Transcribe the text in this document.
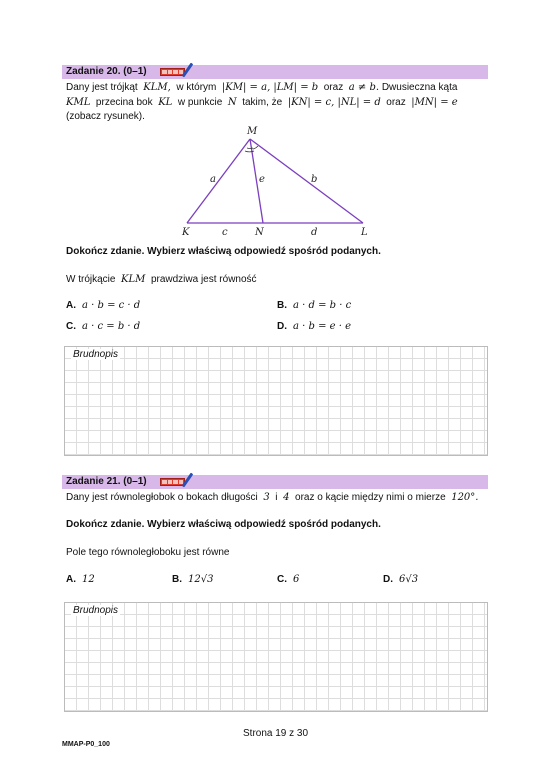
Zadanie 20. (0–1)
Dany jest trójkąt KLM, w którym |KM| = a, |LM| = b oraz a ≠ b. Dwusieczna kąta
KML przecina bok KL w punkcie N takim, że |KN| = c, |NL| = d oraz |MN| = e
(zobacz rysunek).
M
K	N	L
a	b
c	d
e
Dokończ zdanie. Wybierz właściwą odpowiedź spośród podanych.
W trójkącie KLM prawdziwa jest równość
A. a · b = c · d	B. a · d = b · c
C. a · c = b · d	D. a · b = e · e
Brudnopis
Zadanie 21. (0–1)
Dany jest równoległobok o bokach długości 3 i 4 oraz o kącie między nimi o mierze 120°.
Dokończ zdanie. Wybierz właściwą odpowiedź spośród podanych.
Pole tego równoległoboku jest równe
A. 12	B. 12√3	C. 6	D. 6√3
Brudnopis
Strona 19 z 30
MMAP-P0_100
